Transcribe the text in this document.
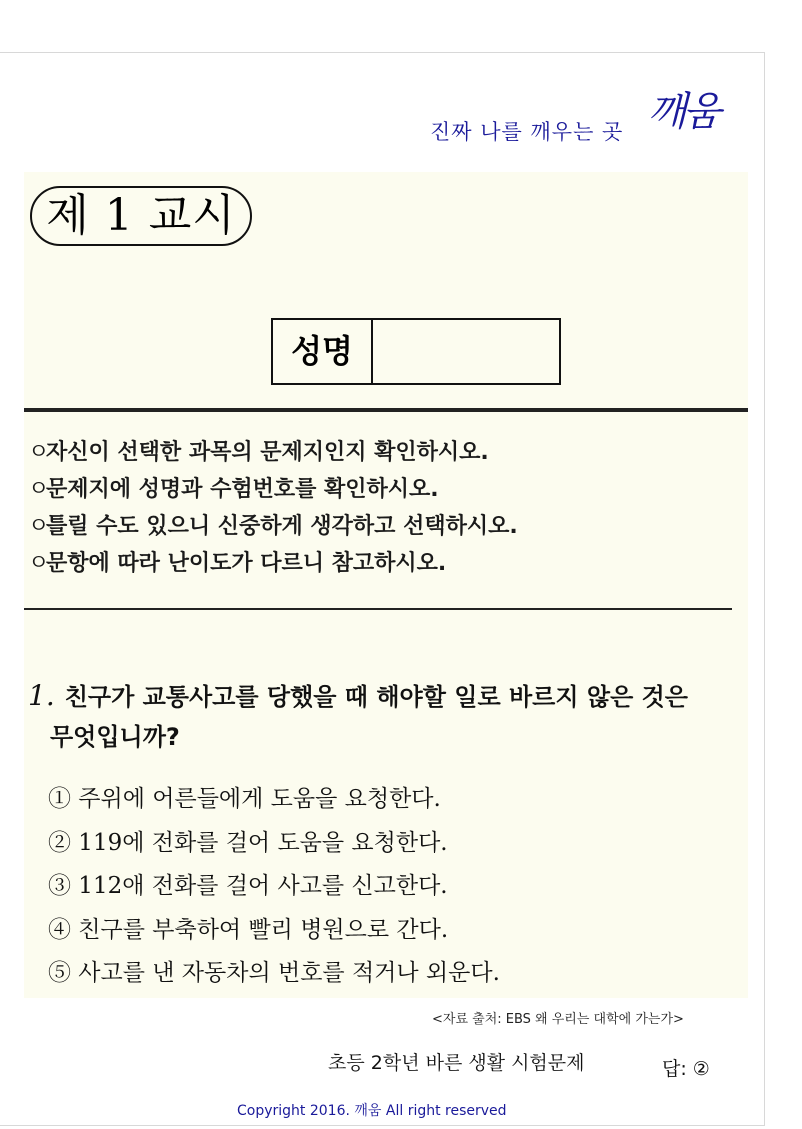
진짜 나를 깨우는 곳 깨움
제 1 교시
성명
ㅇ자신이 선택한 과목의 문제지인지 확인하시오.
ㅇ문제지에 성명과 수험번호를 확인하시오.
ㅇ틀릴 수도 있으니 신중하게 생각하고 선택하시오.
ㅇ문항에 따라 난이도가 다르니 참고하시오.
1. 친구가 교통사고를 당했을 때 해야할 일로 바르지 않은 것은
무엇입니까?
① 주위에 어른들에게 도움을 요청한다.
② 119에 전화를 걸어 도움을 요청한다.
③ 112애 전화를 걸어 사고를 신고한다.
④ 친구를 부축하여 빨리 병원으로 간다.
⑤ 사고를 낸 자동차의 번호를 적거나 외운다.
<자료 출처: EBS 왜 우리는 대학에 가는가>
초등 2학년 바른 생활 시험문제	답: ②
Copyright 2016. 깨움 All right reserved
